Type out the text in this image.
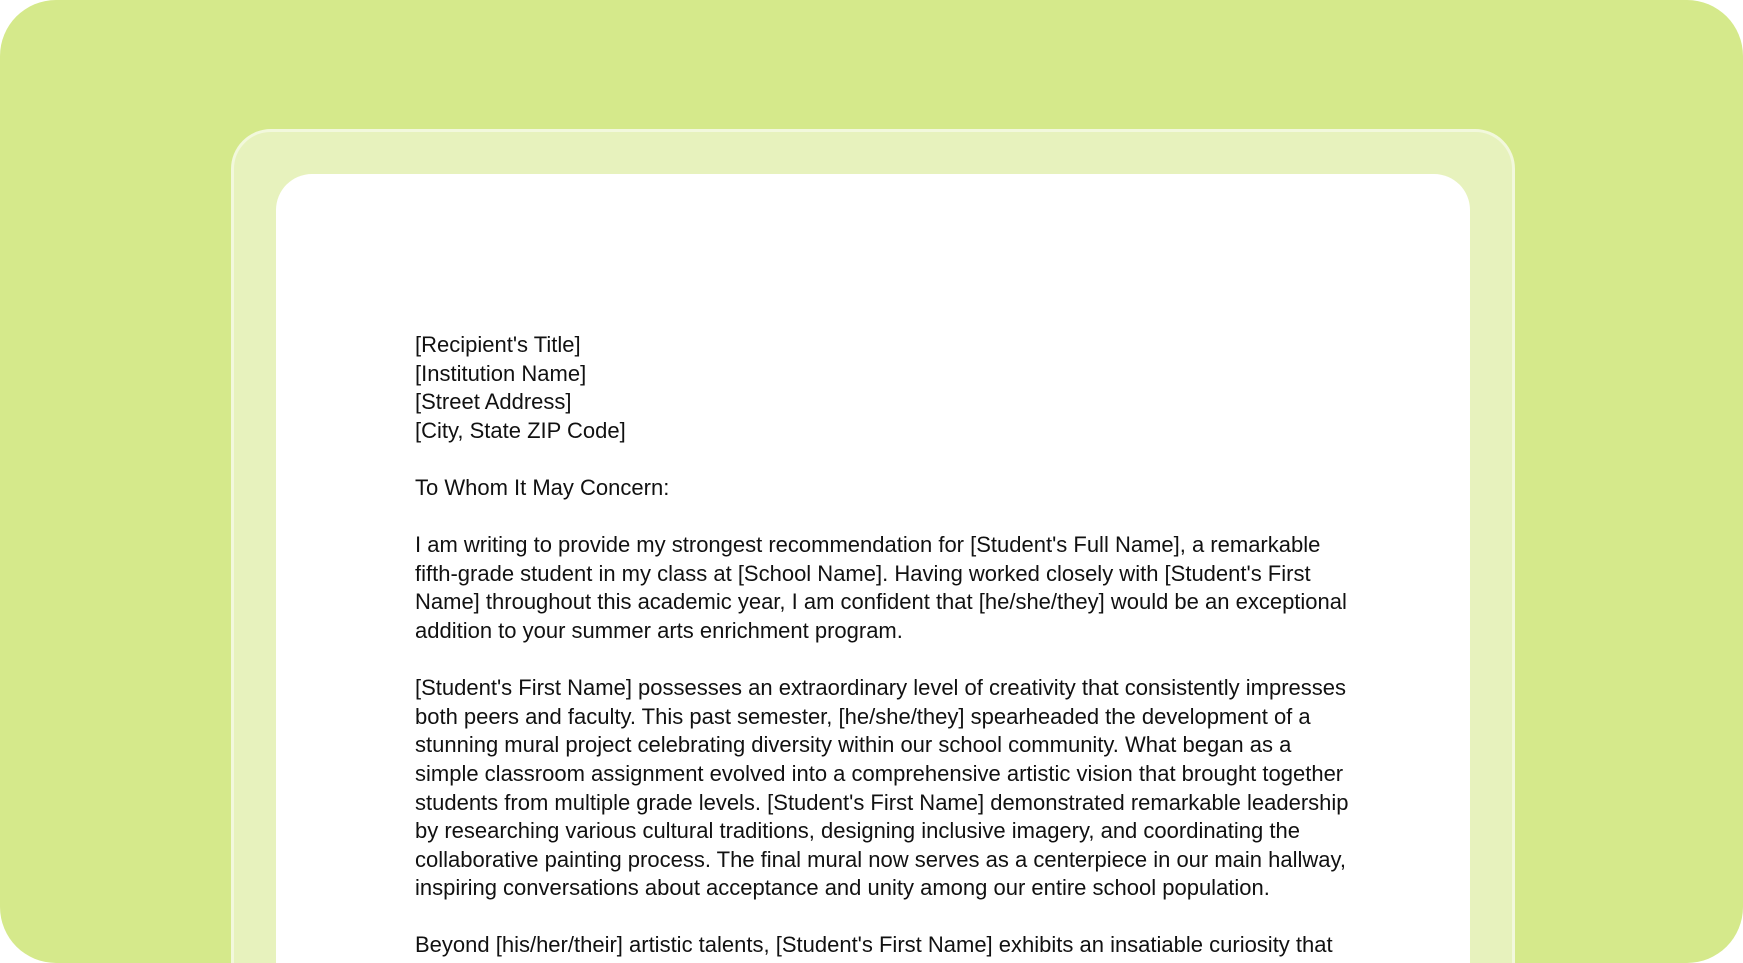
[Recipient's Title]
[Institution Name]
[Street Address]
[City, State ZIP Code]

To Whom It May Concern:

I am writing to provide my strongest recommendation for [Student's Full Name], a remarkable fifth-grade student in my class at [School Name]. Having worked closely with [Student's First Name] throughout this academic year, I am confident that [he/she/they] would be an exceptional addition to your summer arts enrichment program.

[Student's First Name] possesses an extraordinary level of creativity that consistently impresses both peers and faculty. This past semester, [he/she/they] spearheaded the development of a stunning mural project celebrating diversity within our school community. What began as a simple classroom assignment evolved into a comprehensive artistic vision that brought together students from multiple grade levels. [Student's First Name] demonstrated remarkable leadership by researching various cultural traditions, designing inclusive imagery, and coordinating the collaborative painting process. The final mural now serves as a centerpiece in our main hallway, inspiring conversations about acceptance and unity among our entire school population.

Beyond [his/her/their] artistic talents, [Student's First Name] exhibits an insatiable curiosity that
